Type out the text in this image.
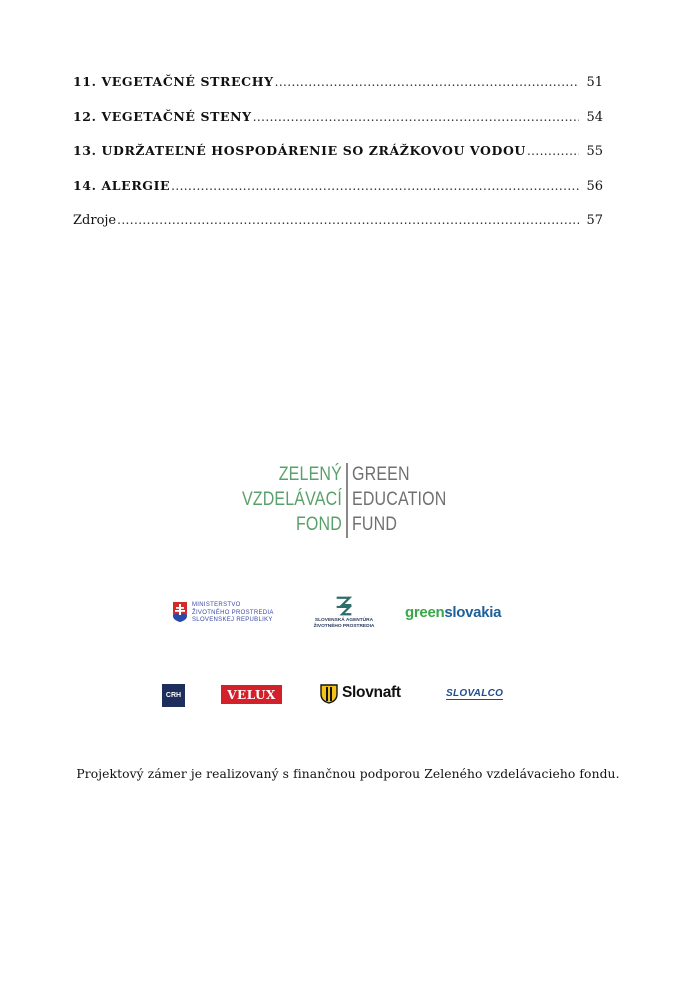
11. VEGETAČNÉ STRECHY .....	51
12. VEGETAČNÉ STENY .....	54
13. UDRŽATEĽNÉ HOSPODÁRENIE SO ZRÁŽKOVOU VODOU .....	55
14. ALERGIE .....	56
Zdroje .....	57
ZELENÝ
VZDELÁVACÍ
FOND
GREEN
EDUCATION
FUND
MINISTERSTVO
ŽIVOTNÉHO PROSTREDIA
SLOVENSKEJ REPUBLIKY	SLOVENSKÁ AGENTÚRA
ŽIVOTNÉHO PROSTREDIA
greenslovakia
CRH	VELUX	Slovnaft	SLOVALCO
Projektový zámer je realizovaný s finančnou podporou Zeleného vzdelávacieho fondu.
